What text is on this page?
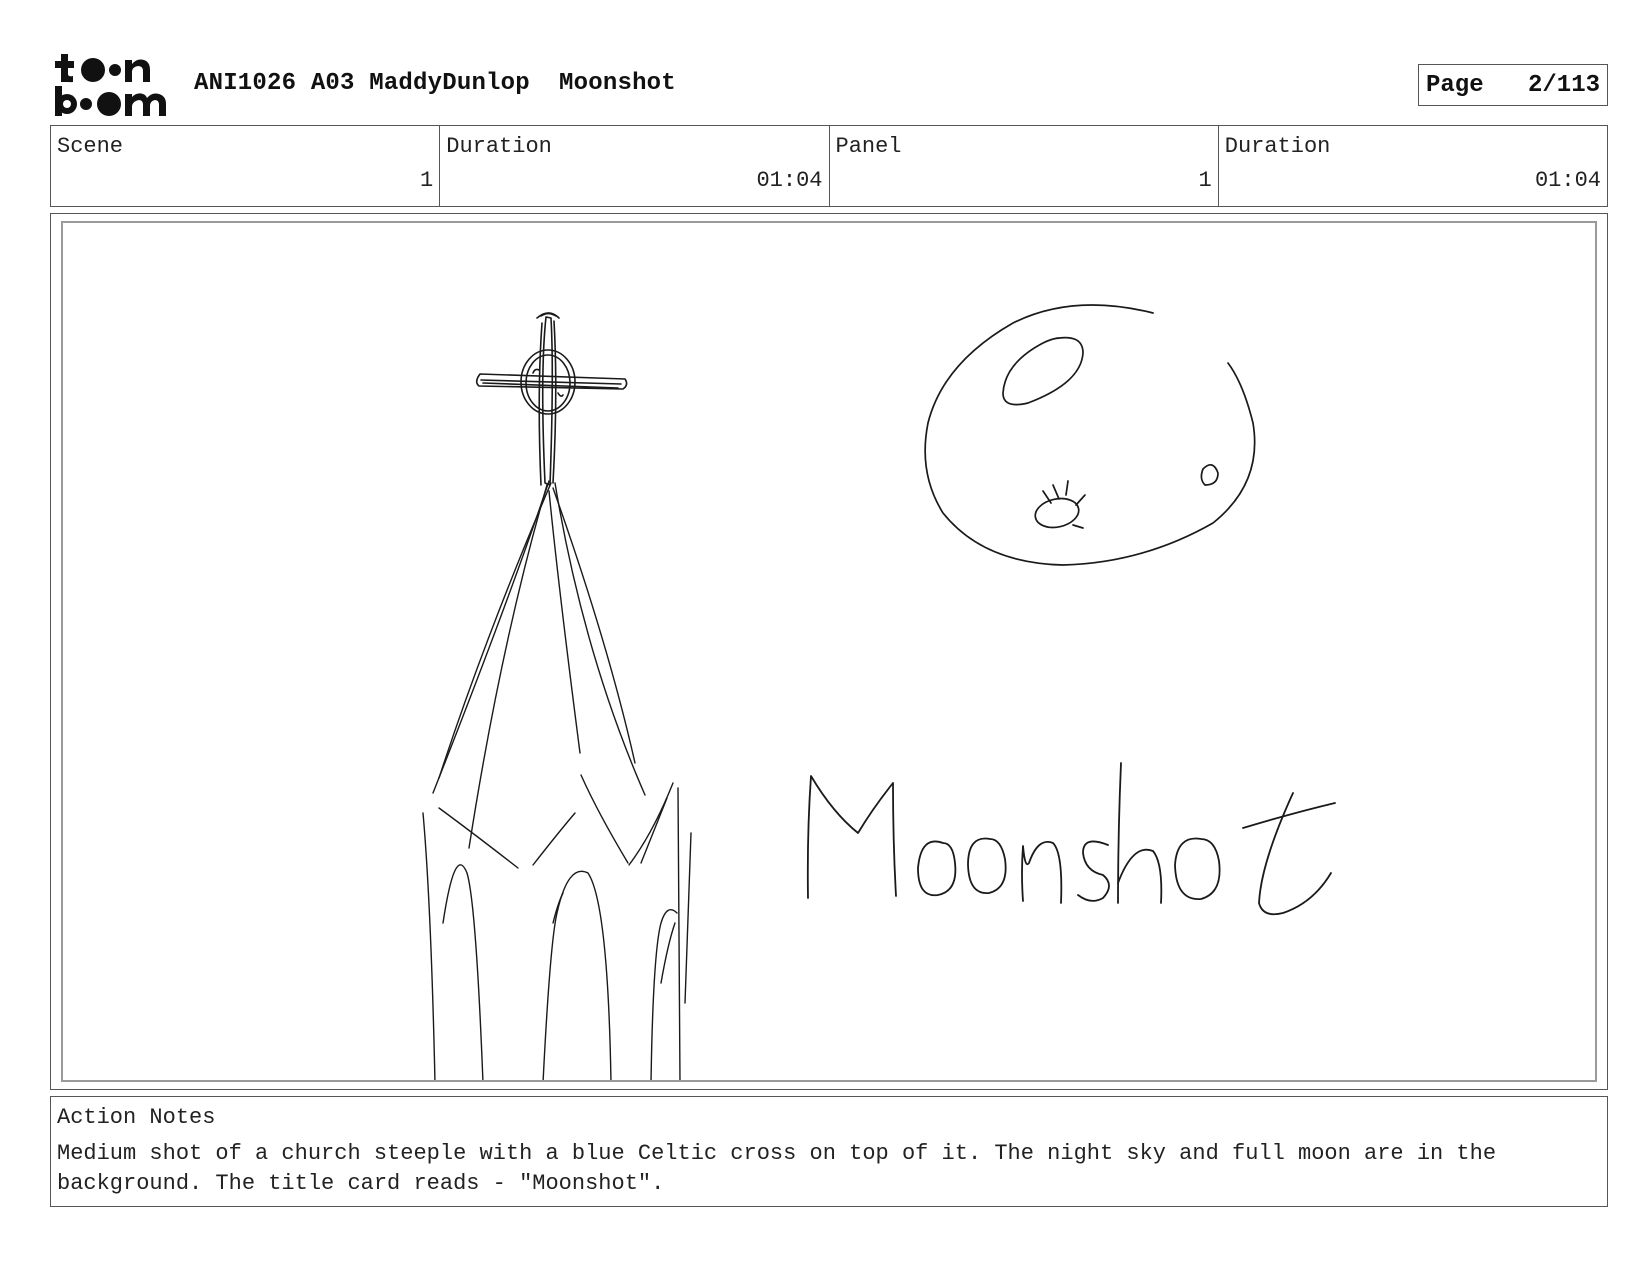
ANI1026 A03 MaddyDunlop  Moonshot	Page 2/113
Scene
1
Duration
01:04
Panel
1
Duration
01:04
Action Notes
Medium shot of a church steeple with a blue Celtic cross on top of it. The night sky and full moon are in the background. The title card reads - "Moonshot".
